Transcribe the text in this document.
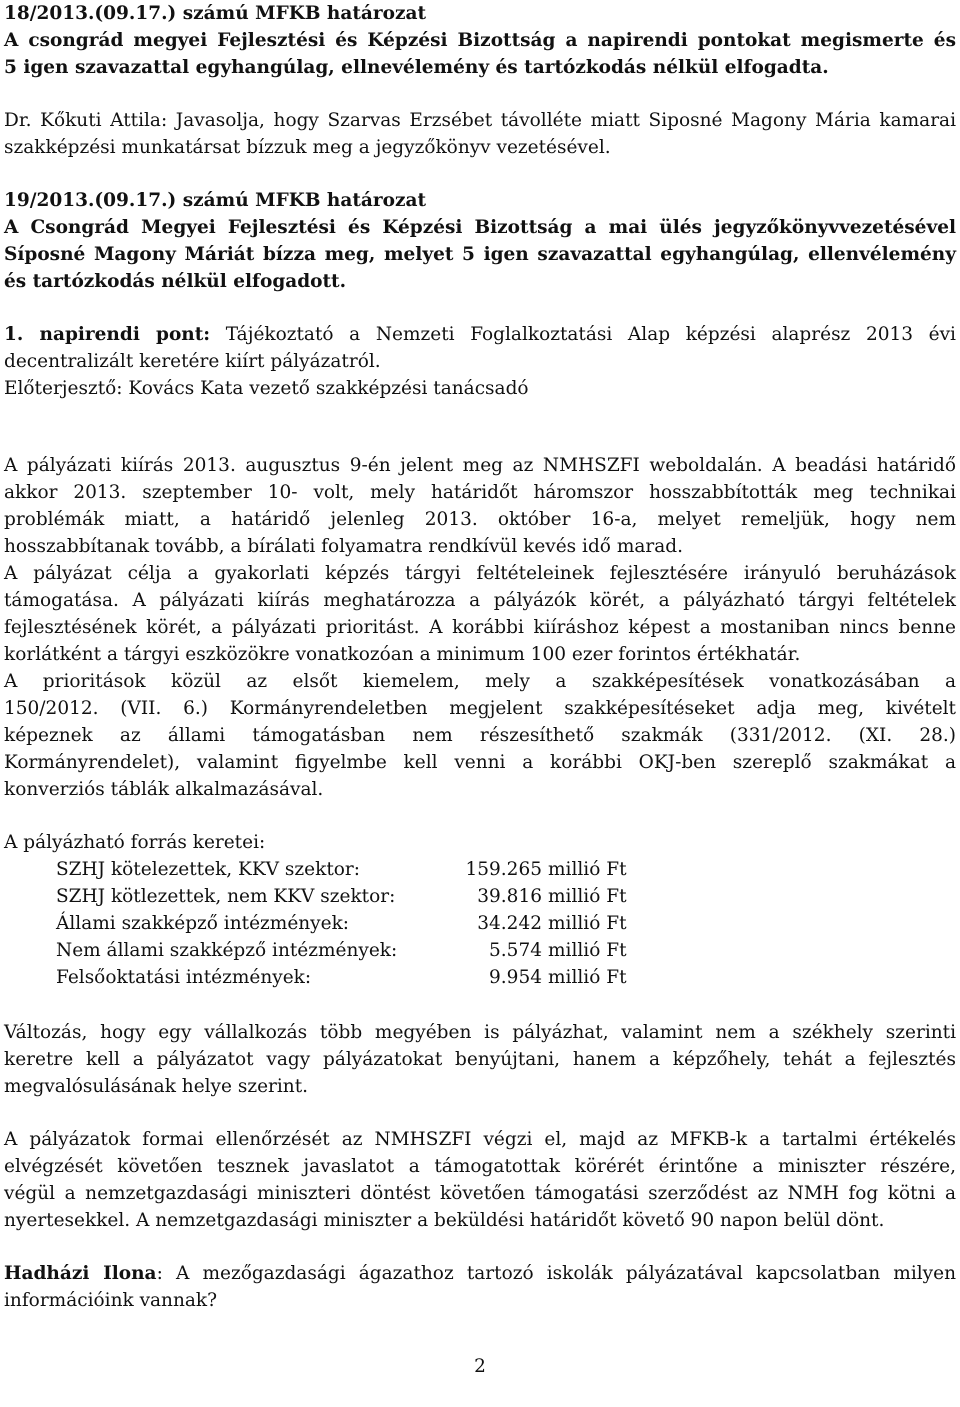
18/2013.(09.17.) számú MFKB határozat
A csongrád megyei Fejlesztési és Képzési Bizottság a napirendi pontokat megismerte és
5 igen szavazattal egyhangúlag, ellnevélemény és tartózkodás nélkül elfogadta.
Dr. Kőkuti Attila: Javasolja, hogy Szarvas Erzsébet távolléte miatt Siposné Magony Mária kamarai
szakképzési munkatársat bízzuk meg a jegyzőkönyv vezetésével.
19/2013.(09.17.) számú MFKB határozat
A Csongrád Megyei Fejlesztési és Képzési Bizottság a mai ülés jegyzőkönyvvezetésével
Síposné Magony Máriát bízza meg, melyet 5 igen szavazattal egyhangúlag, ellenvélemény
és tartózkodás nélkül elfogadott.
1. napirendi pont: Tájékoztató a Nemzeti Foglalkoztatási Alap képzési alaprész 2013 évi
decentralizált keretére kiírt pályázatról.
Előterjesztő: Kovács Kata vezető szakképzési tanácsadó
A pályázati kiírás 2013. augusztus 9-én jelent meg az NMHSZFI weboldalán. A beadási határidő
akkor 2013. szeptember 10- volt, mely határidőt háromszor hosszabbították meg technikai
problémák miatt, a határidő jelenleg 2013. október 16-a, melyet remeljük, hogy nem
hosszabbítanak tovább, a bírálati folyamatra rendkívül kevés idő marad.
A pályázat célja a gyakorlati képzés tárgyi feltételeinek fejlesztésére irányuló beruházások
támogatása. A pályázati kiírás meghatározza a pályázók körét, a pályázható tárgyi feltételek
fejlesztésének körét, a pályázati prioritást. A korábbi kiíráshoz képest a mostaniban nincs benne
korlátként a tárgyi eszközökre vonatkozóan a minimum 100 ezer forintos értékhatár.
A prioritások közül az elsőt kiemelem, mely a szakképesítések vonatkozásában a
150/2012. (VII. 6.) Kormányrendeletben megjelent szakképesítéseket adja meg, kivételt
képeznek az állami támogatásban nem részesíthető szakmák (331/2012. (XI. 28.)
Kormányrendelet), valamint figyelmbe kell venni a korábbi OKJ-ben szereplő szakmákat a
konverziós táblák alkalmazásával.
A pályázható forrás keretei:
SZHJ kötelezettek, KKV szektor:	159.265	millió Ft
SZHJ kötlezettek, nem KKV szektor:	39.816	millió Ft
Állami szakképző intézmények:	34.242	millió Ft
Nem állami szakképző intézmények:	5.574	millió Ft
Felsőoktatási intézmények:	9.954	millió Ft
Változás, hogy egy vállalkozás több megyében is pályázhat, valamint nem a székhely szerinti
keretre kell a pályázatot vagy pályázatokat benyújtani, hanem a képzőhely, tehát a fejlesztés
megvalósulásának helye szerint.
A pályázatok formai ellenőrzését az NMHSZFI végzi el, majd az MFKB-k a tartalmi értékelés
elvégzését követően tesznek javaslatot a támogatottak körérét érintőne a miniszter részére,
végül a nemzetgazdasági miniszteri döntést követően támogatási szerződést az NMH fog kötni a
nyertesekkel. A nemzetgazdasági miniszter a beküldési határidőt követő 90 napon belül dönt.
Hadházi Ilona: A mezőgazdasági ágazathoz tartozó iskolák pályázatával kapcsolatban milyen
információink vannak?
2
